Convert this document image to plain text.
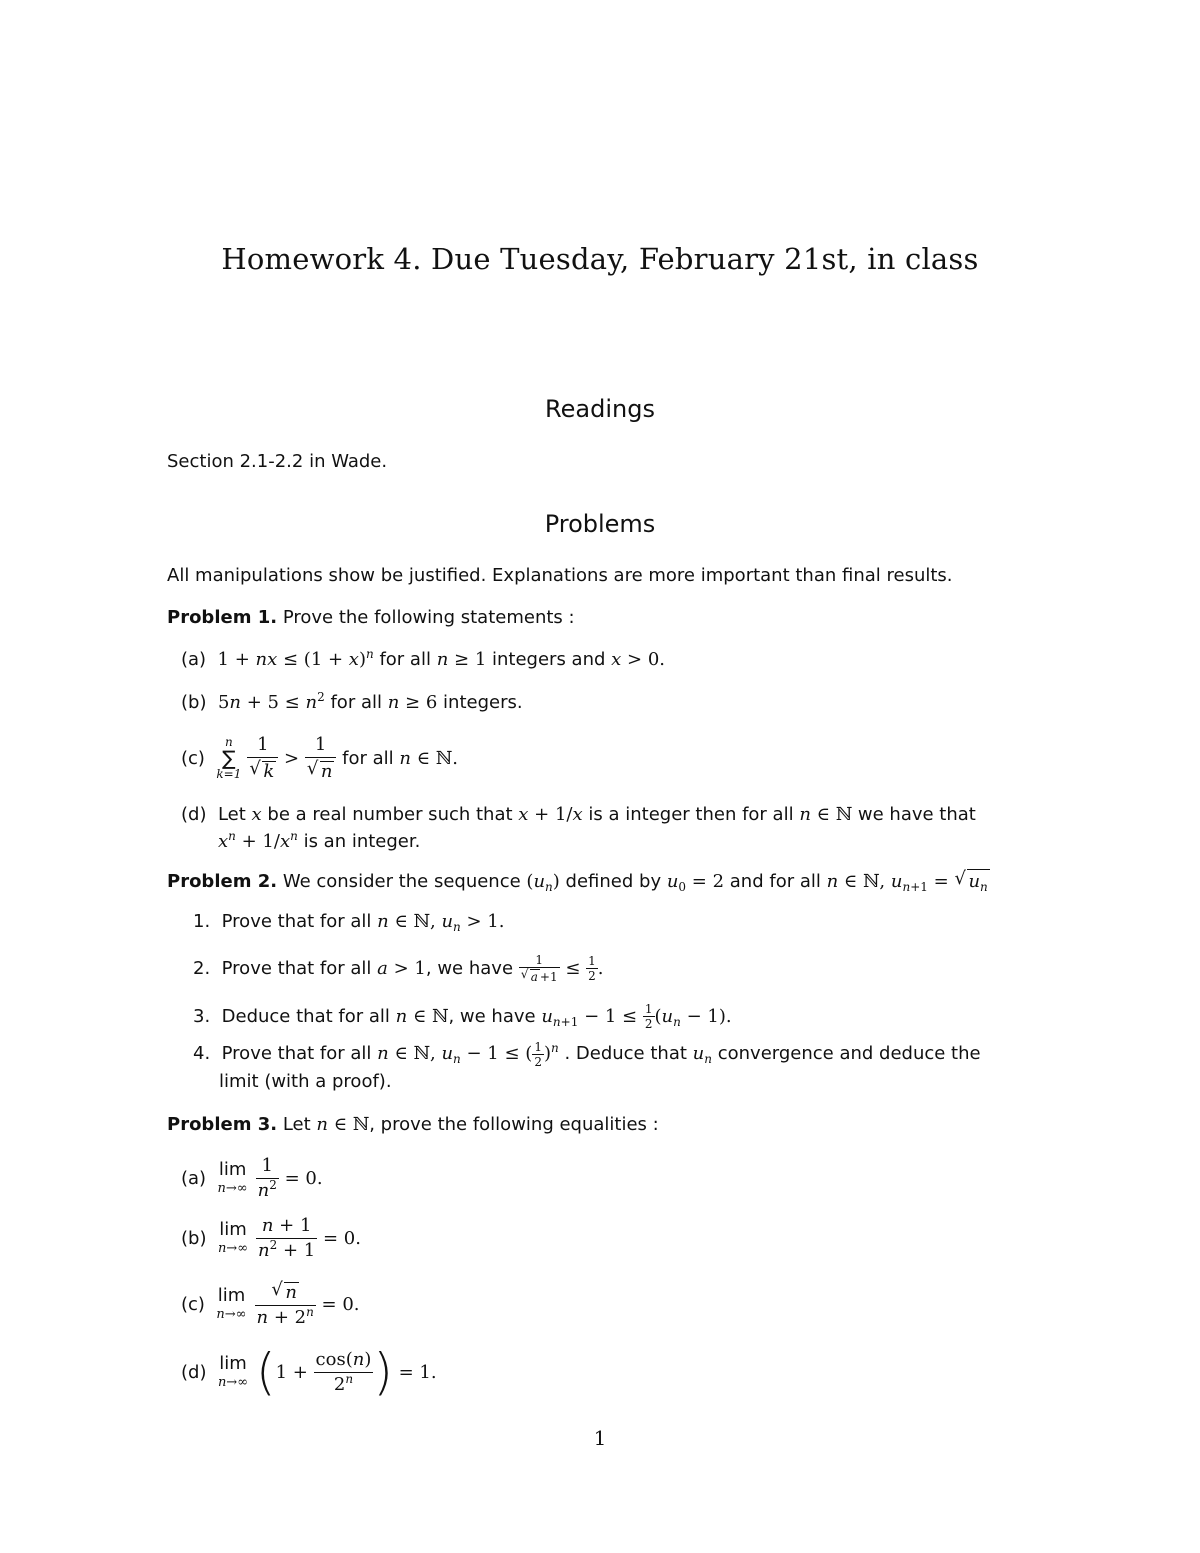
Homework 4. Due Tuesday, February 21st, in class
Readings
Section 2.1-2.2 in Wade.
Problems
All manipulations show be justified. Explanations are more important than final results.
Problem 1. Prove the following statements :
(a) 1 + nx ≤ $(1 + x)^n$ for all n ≥ 1 integers and x > 0.
(b) $5n + 5 \le n^2$ for all n ≥ 6 integers.
(c)

n
∑
k=1 1
√ k > 1
√ n
for all
n ∈ ℕ.
(d) Let x be a real number such that x + 1/x is a integer then for all n ∈ ℕ we have that
$x^n + 1/x^n$ is an integer.
Problem 2. We consider the sequence $(u_n)$ defined by $u_0 = 2$ and for all n ∈ ℕ, $u_{n+1}$ = √ $u_n$
1. Prove that for all n ∈ ℕ, $u_n > 1$.
2.
Prove that for all
a > 1 , we have
1
√ $a +1 \le \frac{1}{2}$ .
3.
Deduce that for all
n ∈ ℕ , we have
$u_{n+1} - 1 \le \frac{1}{2} (u_n - 1)$.
4. Prove that for all n ∈ ℕ, $u_n - 1$ ≤ ( $\frac{1}{2} )^n$ . Deduce that $u_n$ convergence and deduce the
limit (with a proof).
Problem 3. Let n ∈ ℕ, prove the following equalities :
(a)
lim
$n\to\infty \frac{1}{n^2} = 0$.
(b)
lim
$n\to\infty \frac{n + 1}{n^2 + 1} = 0$.
(c)
lim
n→∞
√ $\frac{n}{n + 2^n} = 0$.
(d)
lim
n→∞ ( $1 + \frac{\cos(n)}{2^n}$ ) = 1.
1
